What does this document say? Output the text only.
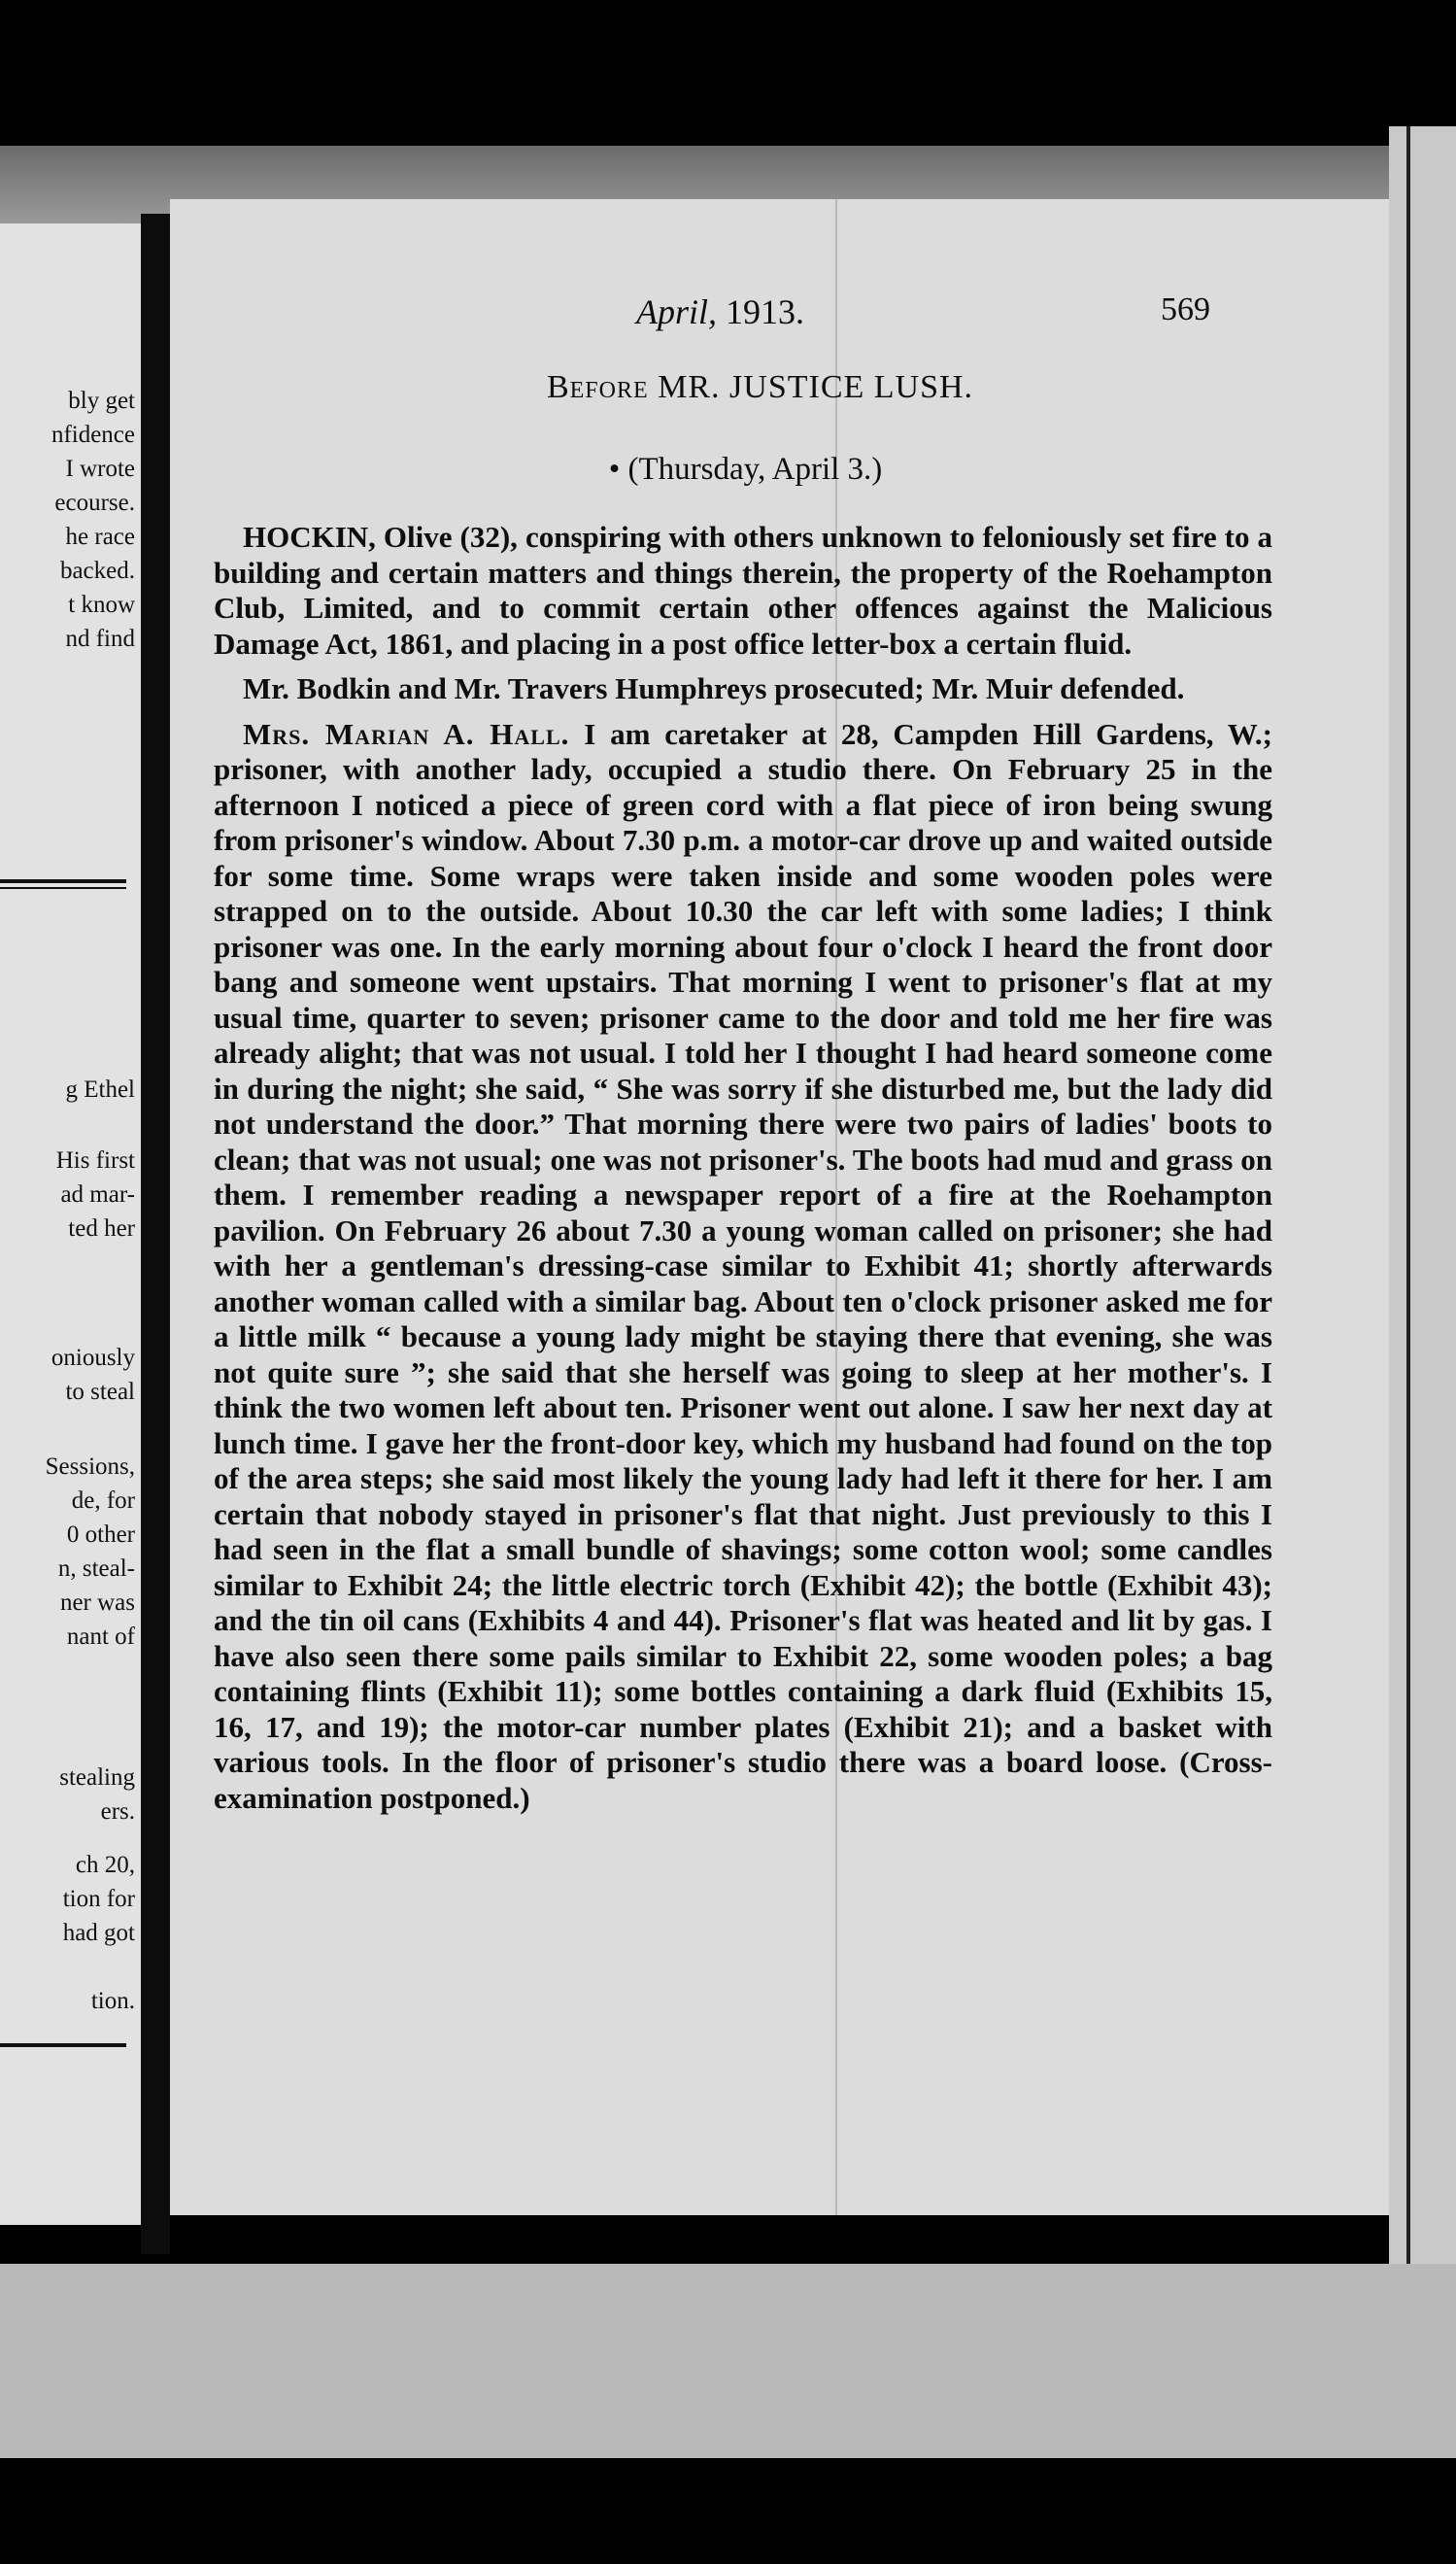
bly get
nfidence
I wrote
ecourse.
he race
backed.
t know
nd find
g Ethel
His first
ad mar-
ted her
oniously
to steal
Sessions,
de, for
0 other
n, steal-
ner was
nant of
stealing
ers.
ch 20,
tion for
had got
tion.
April, 1913.	569
Before MR. JUSTICE LUSH.
• (Thursday, April 3.)

HOCKIN, Olive (32), conspiring with others unknown to feloniously set fire to a building and certain matters and things therein, the property of the Roehampton Club, Limited, and to commit certain other offences against the Malicious Damage Act, 1861, and placing in a post office letter-box a certain fluid.

Mr. Bodkin and Mr. Travers Humphreys prosecuted; Mr. Muir defended.

Mrs. Marian A. Hall. I am caretaker at 28, Campden Hill Gardens, W.; prisoner, with another lady, occupied a studio there. On February 25 in the afternoon I noticed a piece of green cord with a flat piece of iron being swung from prisoner's window. About 7.30 p.m. a motor-car drove up and waited outside for some time. Some wraps were taken inside and some wooden poles were strapped on to the outside. About 10.30 the car left with some ladies; I think prisoner was one. In the early morning about four o'clock I heard the front door bang and someone went upstairs. That morning I went to prisoner's flat at my usual time, quarter to seven; prisoner came to the door and told me her fire was already alight; that was not usual. I told her I thought I had heard someone come in during the night; she said, “ She was sorry if she disturbed me, but the lady did not understand the door.” That morning there were two pairs of ladies' boots to clean; that was not usual; one was not prisoner's. The boots had mud and grass on them. I remember reading a newspaper report of a fire at the Roehampton pavilion. On February 26 about 7.30 a young woman called on prisoner; she had with her a gentleman's dressing-case similar to Exhibit 41; shortly afterwards another woman called with a similar bag. About ten o'clock prisoner asked me for a little milk “ because a young lady might be staying there that evening, she was not quite sure ”; she said that she herself was going to sleep at her mother's. I think the two women left about ten. Prisoner went out alone. I saw her next day at lunch time. I gave her the front-door key, which my husband had found on the top of the area steps; she said most likely the young lady had left it there for her. I am certain that nobody stayed in prisoner's flat that night. Just previously to this I had seen in the flat a small bundle of shavings; some cotton wool; some candles similar to Exhibit 24; the little electric torch (Exhibit 42); the bottle (Exhibit 43); and the tin oil cans (Exhibits 4 and 44). Prisoner's flat was heated and lit by gas. I have also seen there some pails similar to Exhibit 22, some wooden poles; a bag containing flints (Exhibit 11); some bottles containing a dark fluid (Exhibits 15, 16, 17, and 19); the motor-car number plates (Exhibit 21); and a basket with various tools. In the floor of prisoner's studio there was a board loose. (Cross-examination postponed.)
